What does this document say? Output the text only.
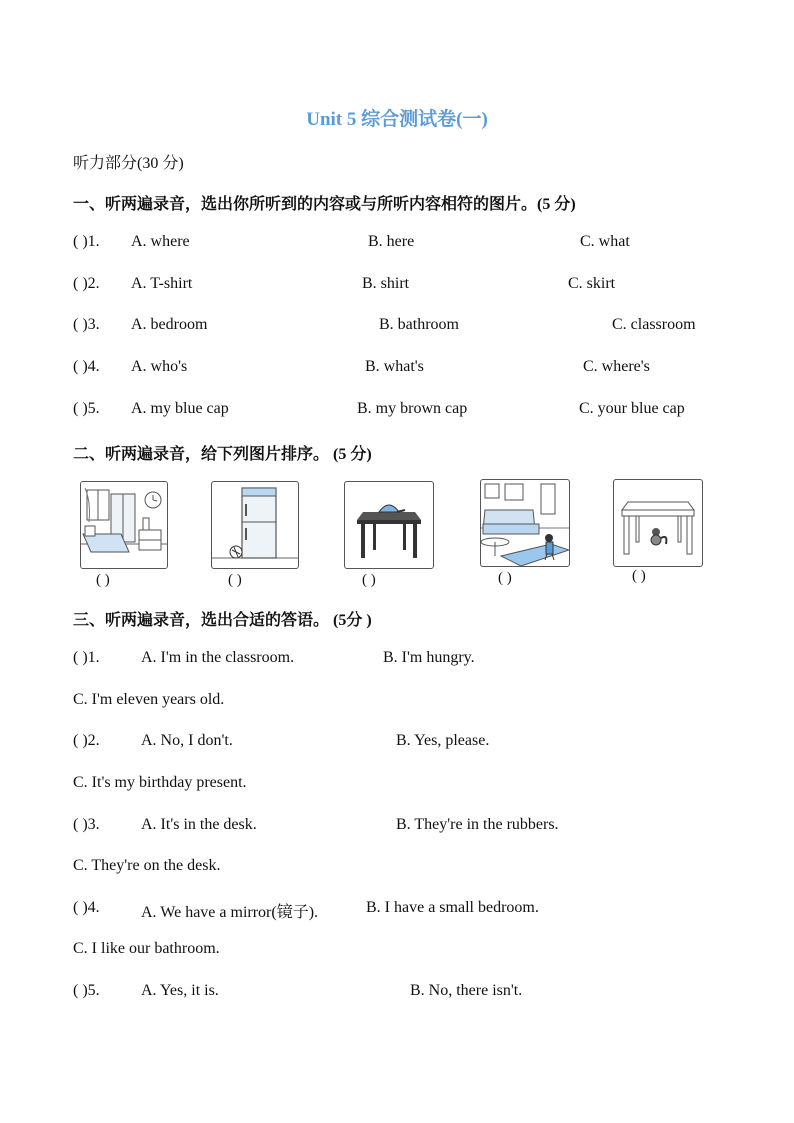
Unit 5 综合测试卷(一)
听力部分(30 分)
一、听两遍录音，选出你所听到的内容或与所听内容相符的图片。(5 分)
( )1. A. where	B. here	C. what
( )2. A. T-shirt	B. shirt	C. skirt
( )3. A. bedroom	B. bathroom	C. classroom
( )4. A. who's	B. what's	C. where's
( )5. A. my blue cap	B. my brown cap	C. your blue cap
二、听两遍录音，给下列图片排序。 (5 分)
( )	( )	( )	( )	( )
三、听两遍录音，选出合适的答语。 (5分 )
( )1.	A. I'm in the classroom.	B. I'm hungry.
C. I'm eleven years old.
( )2.	A. No, I don't.	B. Yes, please.
C. It's my birthday present.
( )3.	A. It's in the desk.	B. They're in the rubbers.
C. They're on the desk.
( )4.	A. We have a mirror(镜子).	B. I have a small bedroom.
C. I like our bathroom.
( )5.	A. Yes, it is.	B. No, there isn't.
